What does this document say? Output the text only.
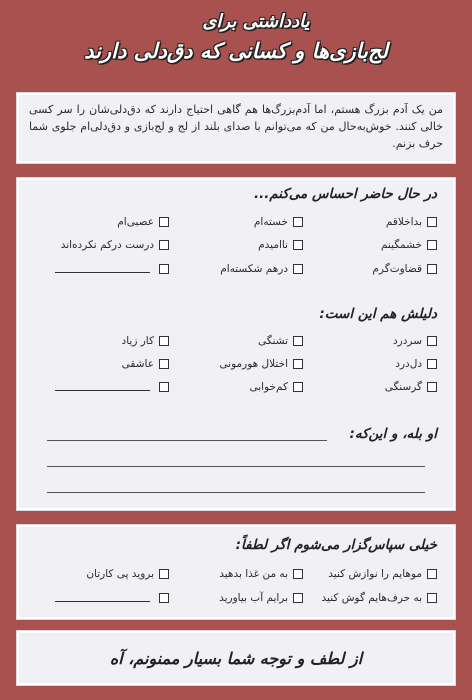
یادداشتی برای
لج‌بازی‌ها و کسانی که دق‌دلی دارند

من یک آدم بزرگ هستم، اما آدم‌بزرگ‌ها هم گاهی احتیاج دارند که دق‌دلی‌شان را سر کسی خالی کنند. خوش‌به‌حال من که می‌توانم با صدای بلند از لج و لج‌بازی و دق‌دلی‌ام جلوی شما حرف بزنم.

در حال حاضر احساس می‌کنم...
بداخلاقم
خسته‌ام
عصبی‌ام
خشمگینم
ناامیدم
درست درکم نکرده‌اند
قضاوت‌گرم
درهم شکسته‌ام
دلیلش هم این است:
سردرد
تشنگی
کار زیاد
دل‌درد
اختلال هورمونی
عاشقی
گرسنگی
کم‌خوابی
او بله، و این‌که:
خیلی سپاس‌گزار می‌شوم اگر لطفاً:
موهایم را نوازش کنید
به من غذا بدهید
بروید پی کارتان
به حرف‌هایم گوش کنید
برایم آب بیاورید
از لطف و توجه شما بسیار ممنونم، آه
